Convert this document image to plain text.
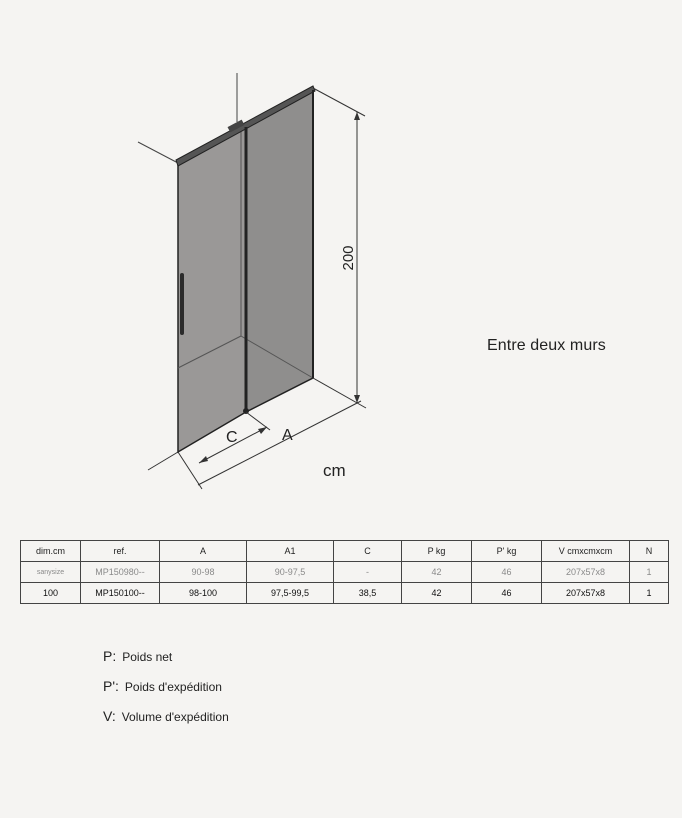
200
C	A
cm
Entre deux murs
dim.cm	ref.	A	A1	C	P kg	P' kg	V cmxcmxcm	N
sanysize	MP150980--	90-98	90-97,5	-	42	46	207x57x8	1
100	MP150100--	98-100	97,5-99,5	38,5	42	46	207x57x8	1
P: Poids net
P': Poids d'expédition
V: Volume d'expédition
